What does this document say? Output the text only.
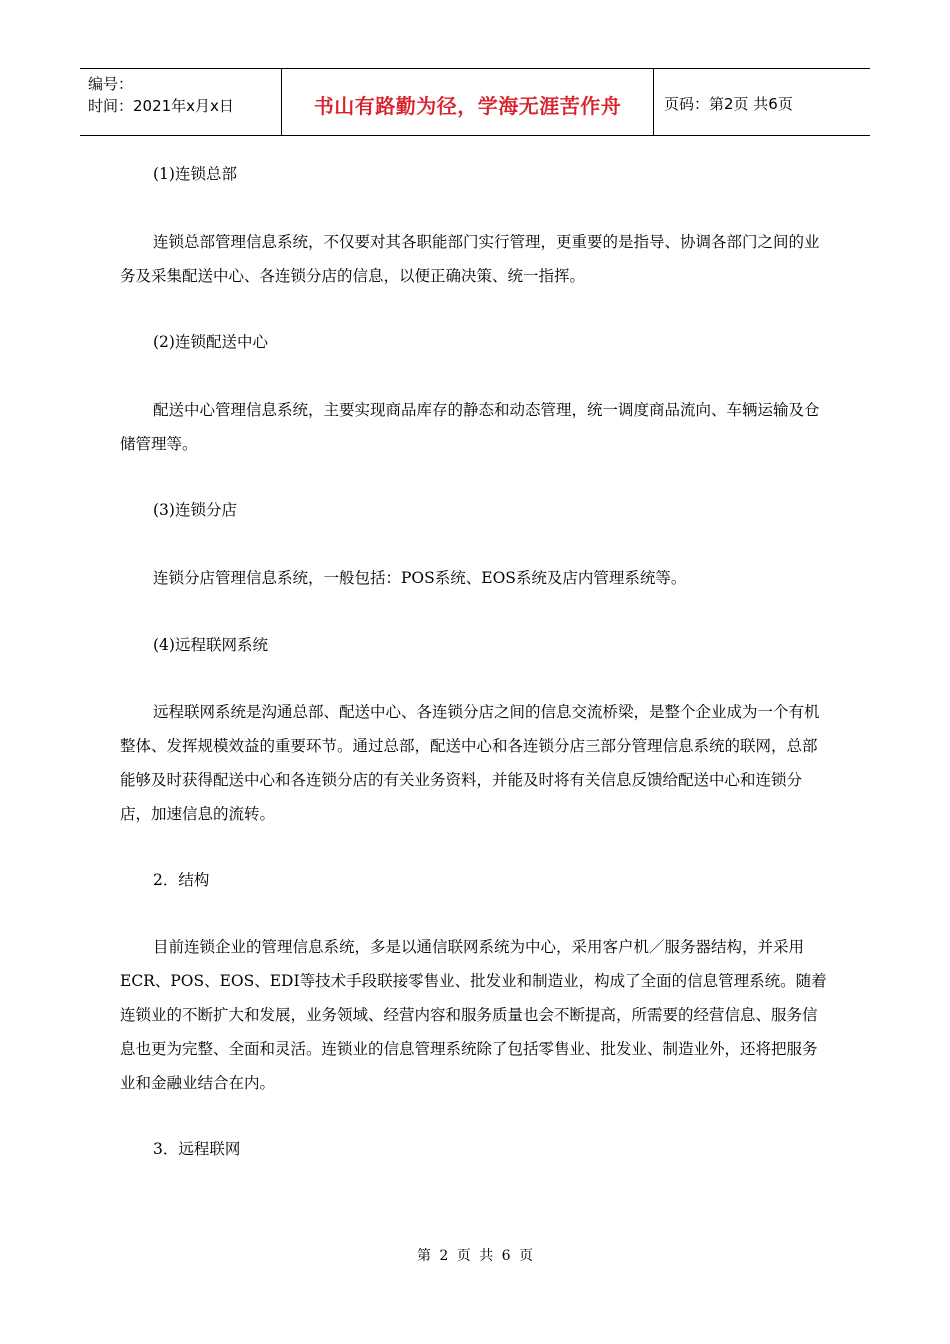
编号：
时间：2021年x月x日	书山有路勤为径，学海无涯苦作舟	页码：第2页 共6页

(1)连锁总部

连锁总部管理信息系统，不仅要对其各职能部门实行管理，更重要的是指导、协调各部门之间的业务及采集配送中心、各连锁分店的信息，以便正确决策、统一指挥。

(2)连锁配送中心

配送中心管理信息系统，主要实现商品库存的静态和动态管理，统一调度商品流向、车辆运输及仓储管理等。

(3)连锁分店

连锁分店管理信息系统，一般包括：POS系统、EOS系统及店内管理系统等。

(4)远程联网系统

远程联网系统是沟通总部、配送中心、各连锁分店之间的信息交流桥梁，是整个企业成为一个有机整体、发挥规模效益的重要环节。通过总部，配送中心和各连锁分店三部分管理信息系统的联网，总部能够及时获得配送中心和各连锁分店的有关业务资料，并能及时将有关信息反馈给配送中心和连锁分店，加速信息的流转。

2．结构

目前连锁企业的管理信息系统，多是以通信联网系统为中心，采用客户机／服务器结构，并采用ECR、POS、EOS、EDI等技术手段联接零售业、批发业和制造业，构成了全面的信息管理系统。随着连锁业的不断扩大和发展，业务领域、经营内容和服务质量也会不断提高，所需要的经营信息、服务信息也更为完整、全面和灵活。连锁业的信息管理系统除了包括零售业、批发业、制造业外，还将把服务业和金融业结合在内。

3．远程联网

第 2 页 共 6 页
